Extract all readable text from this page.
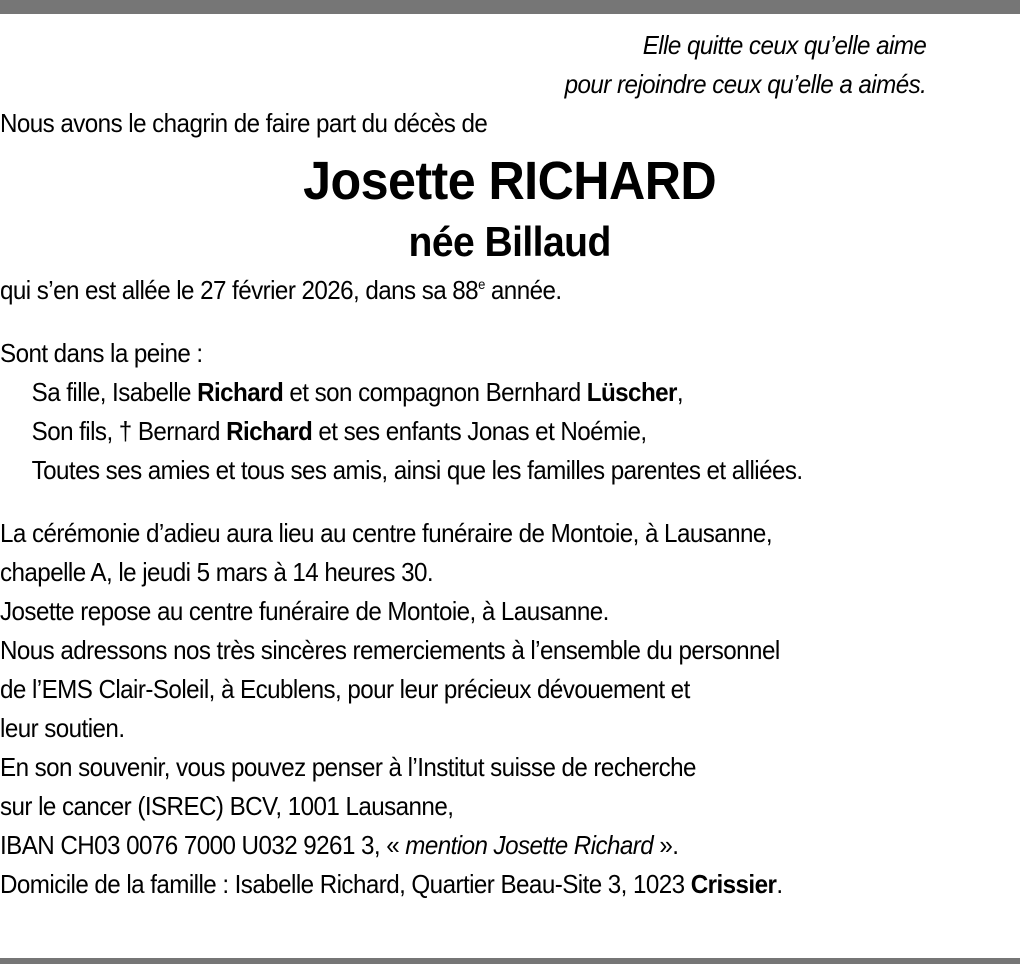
Elle quitte ceux qu’elle aime
pour rejoindre ceux qu’elle a aimés.
Nous avons le chagrin de faire part du décès de
Josette RICHARD
née Billaud
qui s’en est allée le 27 février 2026, dans sa 88e année.
Sont dans la peine :
Sa fille, Isabelle Richard et son compagnon Bernhard Lüscher,
Son fils, † Bernard Richard et ses enfants Jonas et Noémie,
Toutes ses amies et tous ses amis, ainsi que les familles parentes et alliées.
La cérémonie d’adieu aura lieu au centre funéraire de Montoie, à Lausanne,
chapelle A, le jeudi 5 mars à 14 heures 30.
Josette repose au centre funéraire de Montoie, à Lausanne.
Nous adressons nos très sincères remerciements à l’ensemble du personnel
de l’EMS Clair-Soleil, à Ecublens, pour leur précieux dévouement et
leur soutien.
En son souvenir, vous pouvez penser à l’Institut suisse de recherche
sur le cancer (ISREC) BCV, 1001 Lausanne,
IBAN CH03 0076 7000 U032 9261 3, « mention Josette Richard ».
Domicile de la famille : Isabelle Richard, Quartier Beau-Site 3, 1023 Crissier.
